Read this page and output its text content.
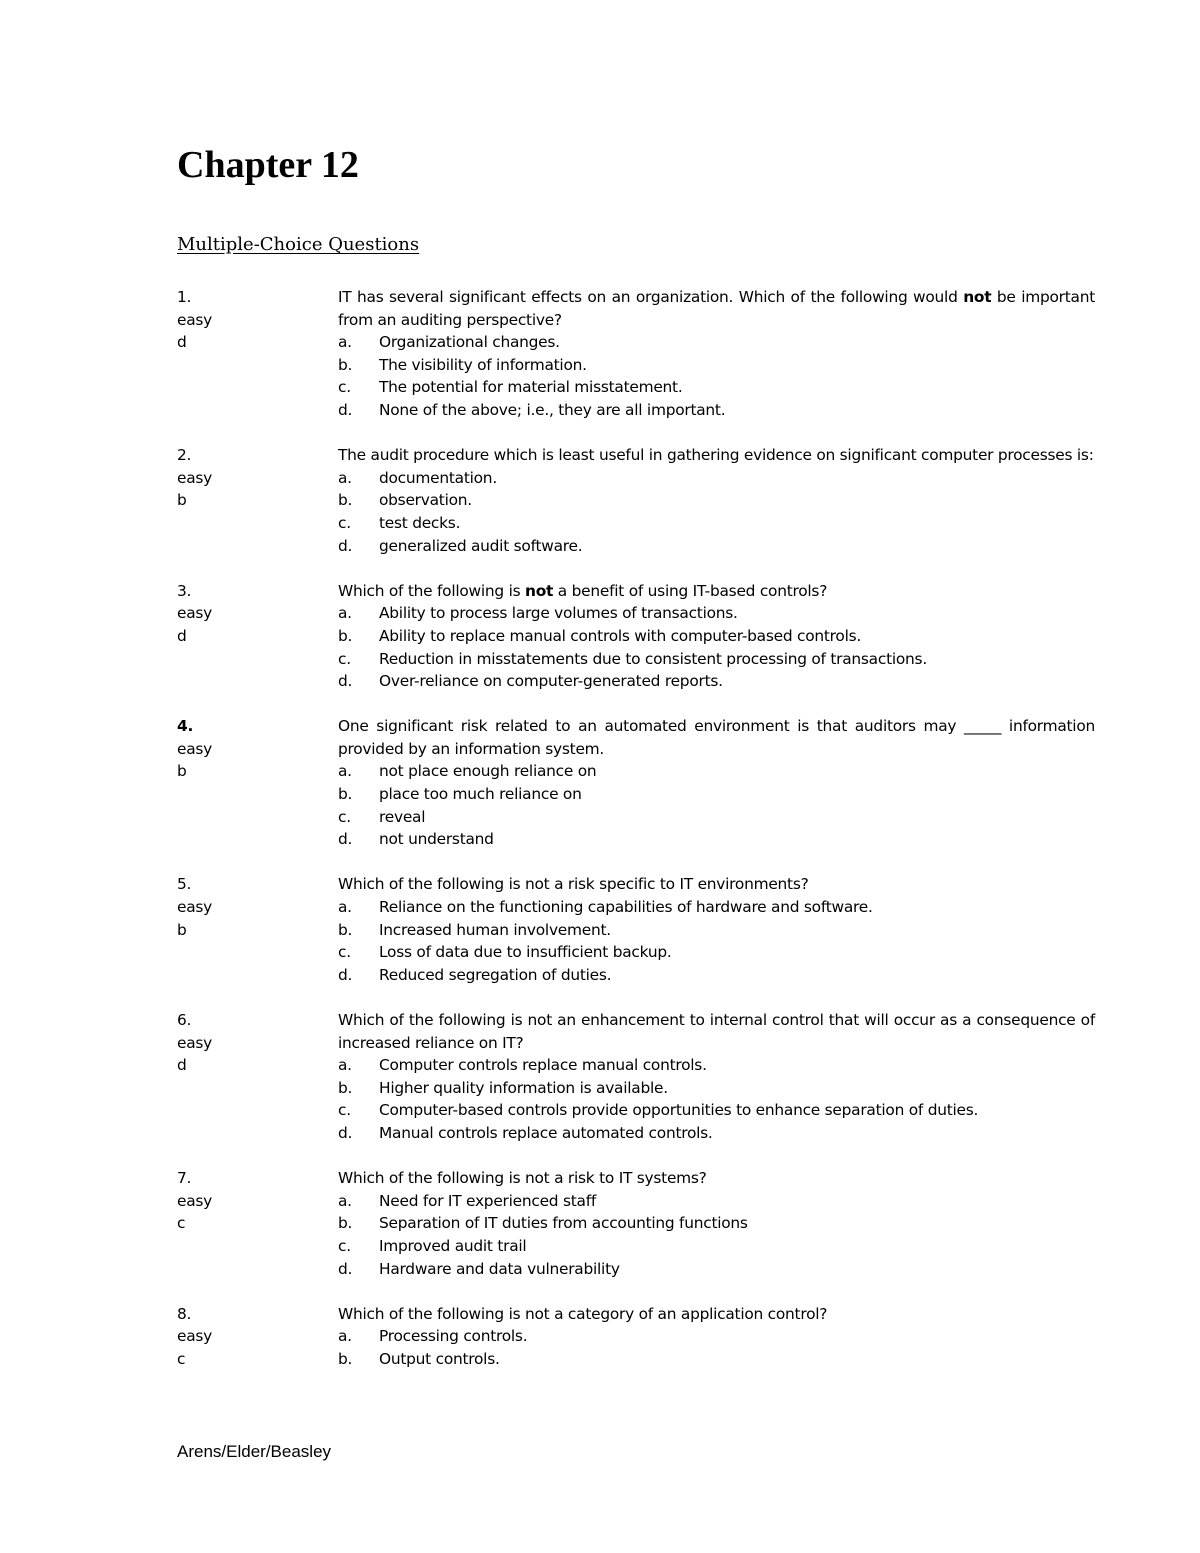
Chapter 12
Multiple-Choice Questions
1.
easy
d

IT has several significant effects on an organization. Which of the following would not be important from an auditing perspective?

a.	Organizational changes.
b.	The visibility of information.
c.	The potential for material misstatement.
d.	None of the above; i.e., they are all important.
2.
easy
b

The audit procedure which is least useful in gathering evidence on significant computer processes is:

a.	documentation.
b.	observation.
c.	test decks.
d.	generalized audit software.
3.
easy
d

Which of the following is not a benefit of using IT-based controls?

a.	Ability to process large volumes of transactions.
b.	Ability to replace manual controls with computer-based controls.
c.	Reduction in misstatements due to consistent processing of transactions.
d.	Over-reliance on computer-generated reports.
4.
easy
b

One significant risk related to an automated environment is that auditors may _____ information provided by an information system.

a.	not place enough reliance on
b.	place too much reliance on
c.	reveal
d.	not understand
5.
easy
b

Which of the following is not a risk specific to IT environments?

a.	Reliance on the functioning capabilities of hardware and software.
b.	Increased human involvement.
c.	Loss of data due to insufficient backup.
d.	Reduced segregation of duties.
6.
easy
d

Which of the following is not an enhancement to internal control that will occur as a consequence of increased reliance on IT?

a.	Computer controls replace manual controls.
b.	Higher quality information is available.
c.	Computer-based controls provide opportunities to enhance separation of duties.
d.	Manual controls replace automated controls.
7.
easy
c

Which of the following is not a risk to IT systems?

a.	Need for IT experienced staff
b.	Separation of IT duties from accounting functions
c.	Improved audit trail
d.	Hardware and data vulnerability
8.
easy
c

Which of the following is not a category of an application control?

a.	Processing controls.
b.	Output controls.
Arens/Elder/Beasley
